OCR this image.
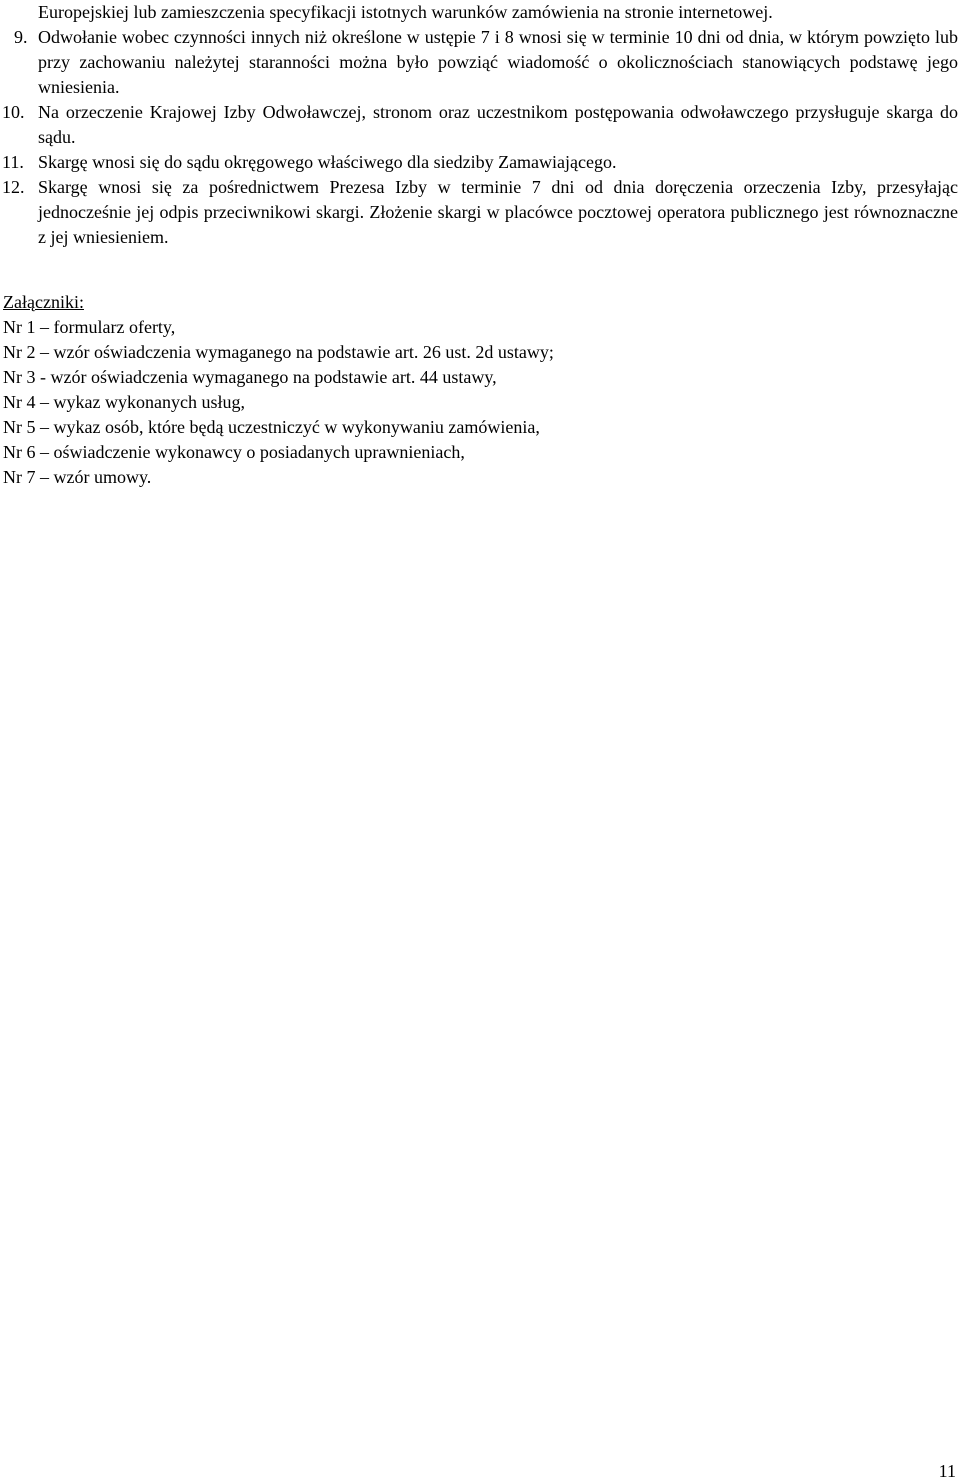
Europejskiej lub zamieszczenia specyfikacji istotnych warunków zamówienia na stronie internetowej.
9. Odwołanie wobec czynności innych niż określone w ustępie 7 i 8 wnosi się w terminie 10 dni od dnia, w którym powzięto lub przy zachowaniu należytej staranności można było powziąć wiadomość o okolicznościach stanowiących podstawę jego wniesienia.
10. Na orzeczenie Krajowej Izby Odwoławczej, stronom oraz uczestnikom postępowania odwoławczego przysługuje skarga do sądu.
11. Skargę wnosi się do sądu okręgowego właściwego dla siedziby Zamawiającego.
12. Skargę wnosi się za pośrednictwem Prezesa Izby w terminie 7 dni od dnia doręczenia orzeczenia Izby, przesyłając jednocześnie jej odpis przeciwnikowi skargi. Złożenie skargi w placówce pocztowej operatora publicznego jest równoznaczne z jej wniesieniem.
Załączniki:
Nr 1 – formularz oferty,
Nr 2 – wzór oświadczenia wymaganego na podstawie art. 26 ust. 2d ustawy;
Nr 3 - wzór oświadczenia wymaganego na podstawie art. 44 ustawy,
Nr 4 – wykaz wykonanych usług,
Nr 5 – wykaz osób, które będą uczestniczyć w wykonywaniu zamówienia,
Nr 6 – oświadczenie wykonawcy o posiadanych uprawnieniach,
Nr 7 – wzór umowy.
11
